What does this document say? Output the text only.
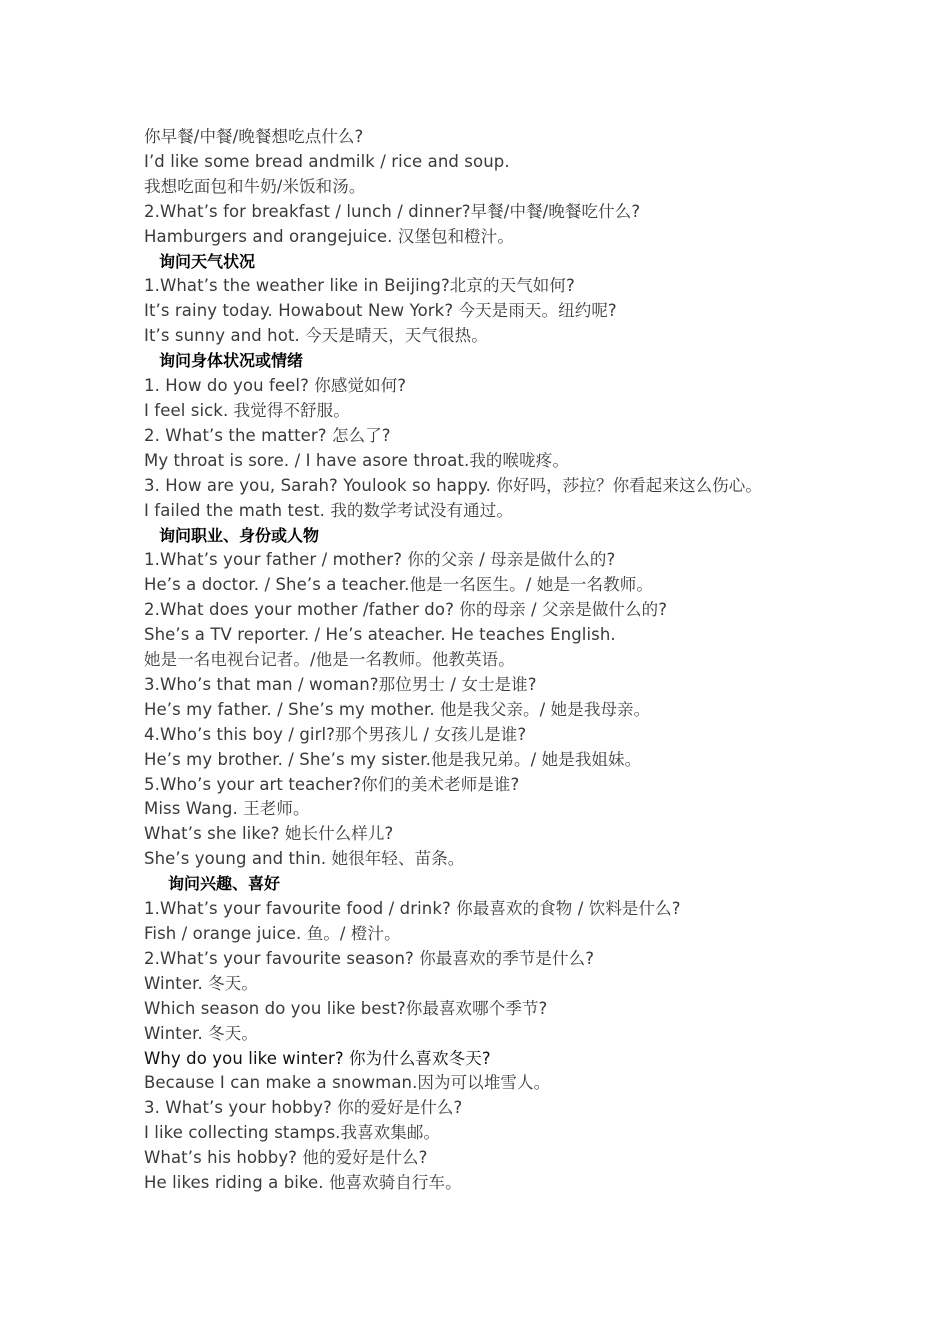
你早餐/中餐/晚餐想吃点什么?
I’d like some bread andmilk / rice and soup.
我想吃面包和牛奶/米饭和汤。
2.What’s for breakfast / lunch / dinner?早餐/中餐/晚餐吃什么?
Hamburgers and orangejuice. 汉堡包和橙汁。
询问天气状况
1.What’s the weather like in Beijing?北京的天气如何?
It’s rainy today. Howabout New York? 今天是雨天。纽约呢?
It’s sunny and hot. 今天是晴天，天气很热。
询问身体状况或情绪
1. How do you feel? 你感觉如何?
I feel sick. 我觉得不舒服。
2. What’s the matter? 怎么了?
My throat is sore. / I have asore throat.我的喉咙疼。
3. How are you, Sarah? Youlook so happy. 你好吗，莎拉？你看起来这么伤心。
I failed the math test. 我的数学考试没有通过。
询问职业、身份或人物
1.What’s your father / mother? 你的父亲 / 母亲是做什么的?
He’s a doctor. / She’s a teacher.他是一名医生。/ 她是一名教师。
2.What does your mother /father do? 你的母亲 / 父亲是做什么的?
She’s a TV reporter. / He’s ateacher. He teaches English.
她是一名电视台记者。/他是一名教师。他教英语。
3.Who’s that man / woman?那位男士 / 女士是谁?
He’s my father. / She’s my mother. 他是我父亲。/ 她是我母亲。
4.Who’s this boy / girl?那个男孩儿 / 女孩儿是谁?
He’s my brother. / She’s my sister.他是我兄弟。/ 她是我姐妹。
5.Who’s your art teacher?你们的美术老师是谁?
Miss Wang. 王老师。
What’s she like? 她长什么样儿?
She’s young and thin. 她很年轻、苗条。
询问兴趣、喜好
1.What’s your favourite food / drink? 你最喜欢的食物 / 饮料是什么?
Fish / orange juice. 鱼。/ 橙汁。
2.What’s your favourite season? 你最喜欢的季节是什么?
Winter. 冬天。
Which season do you like best?你最喜欢哪个季节?
Winter. 冬天。
Why do you like winter? 你为什么喜欢冬天?
Because I can make a snowman.因为可以堆雪人。
3. What’s your hobby? 你的爱好是什么?
I like collecting stamps.我喜欢集邮。
What’s his hobby? 他的爱好是什么?
He likes riding a bike. 他喜欢骑自行车。
